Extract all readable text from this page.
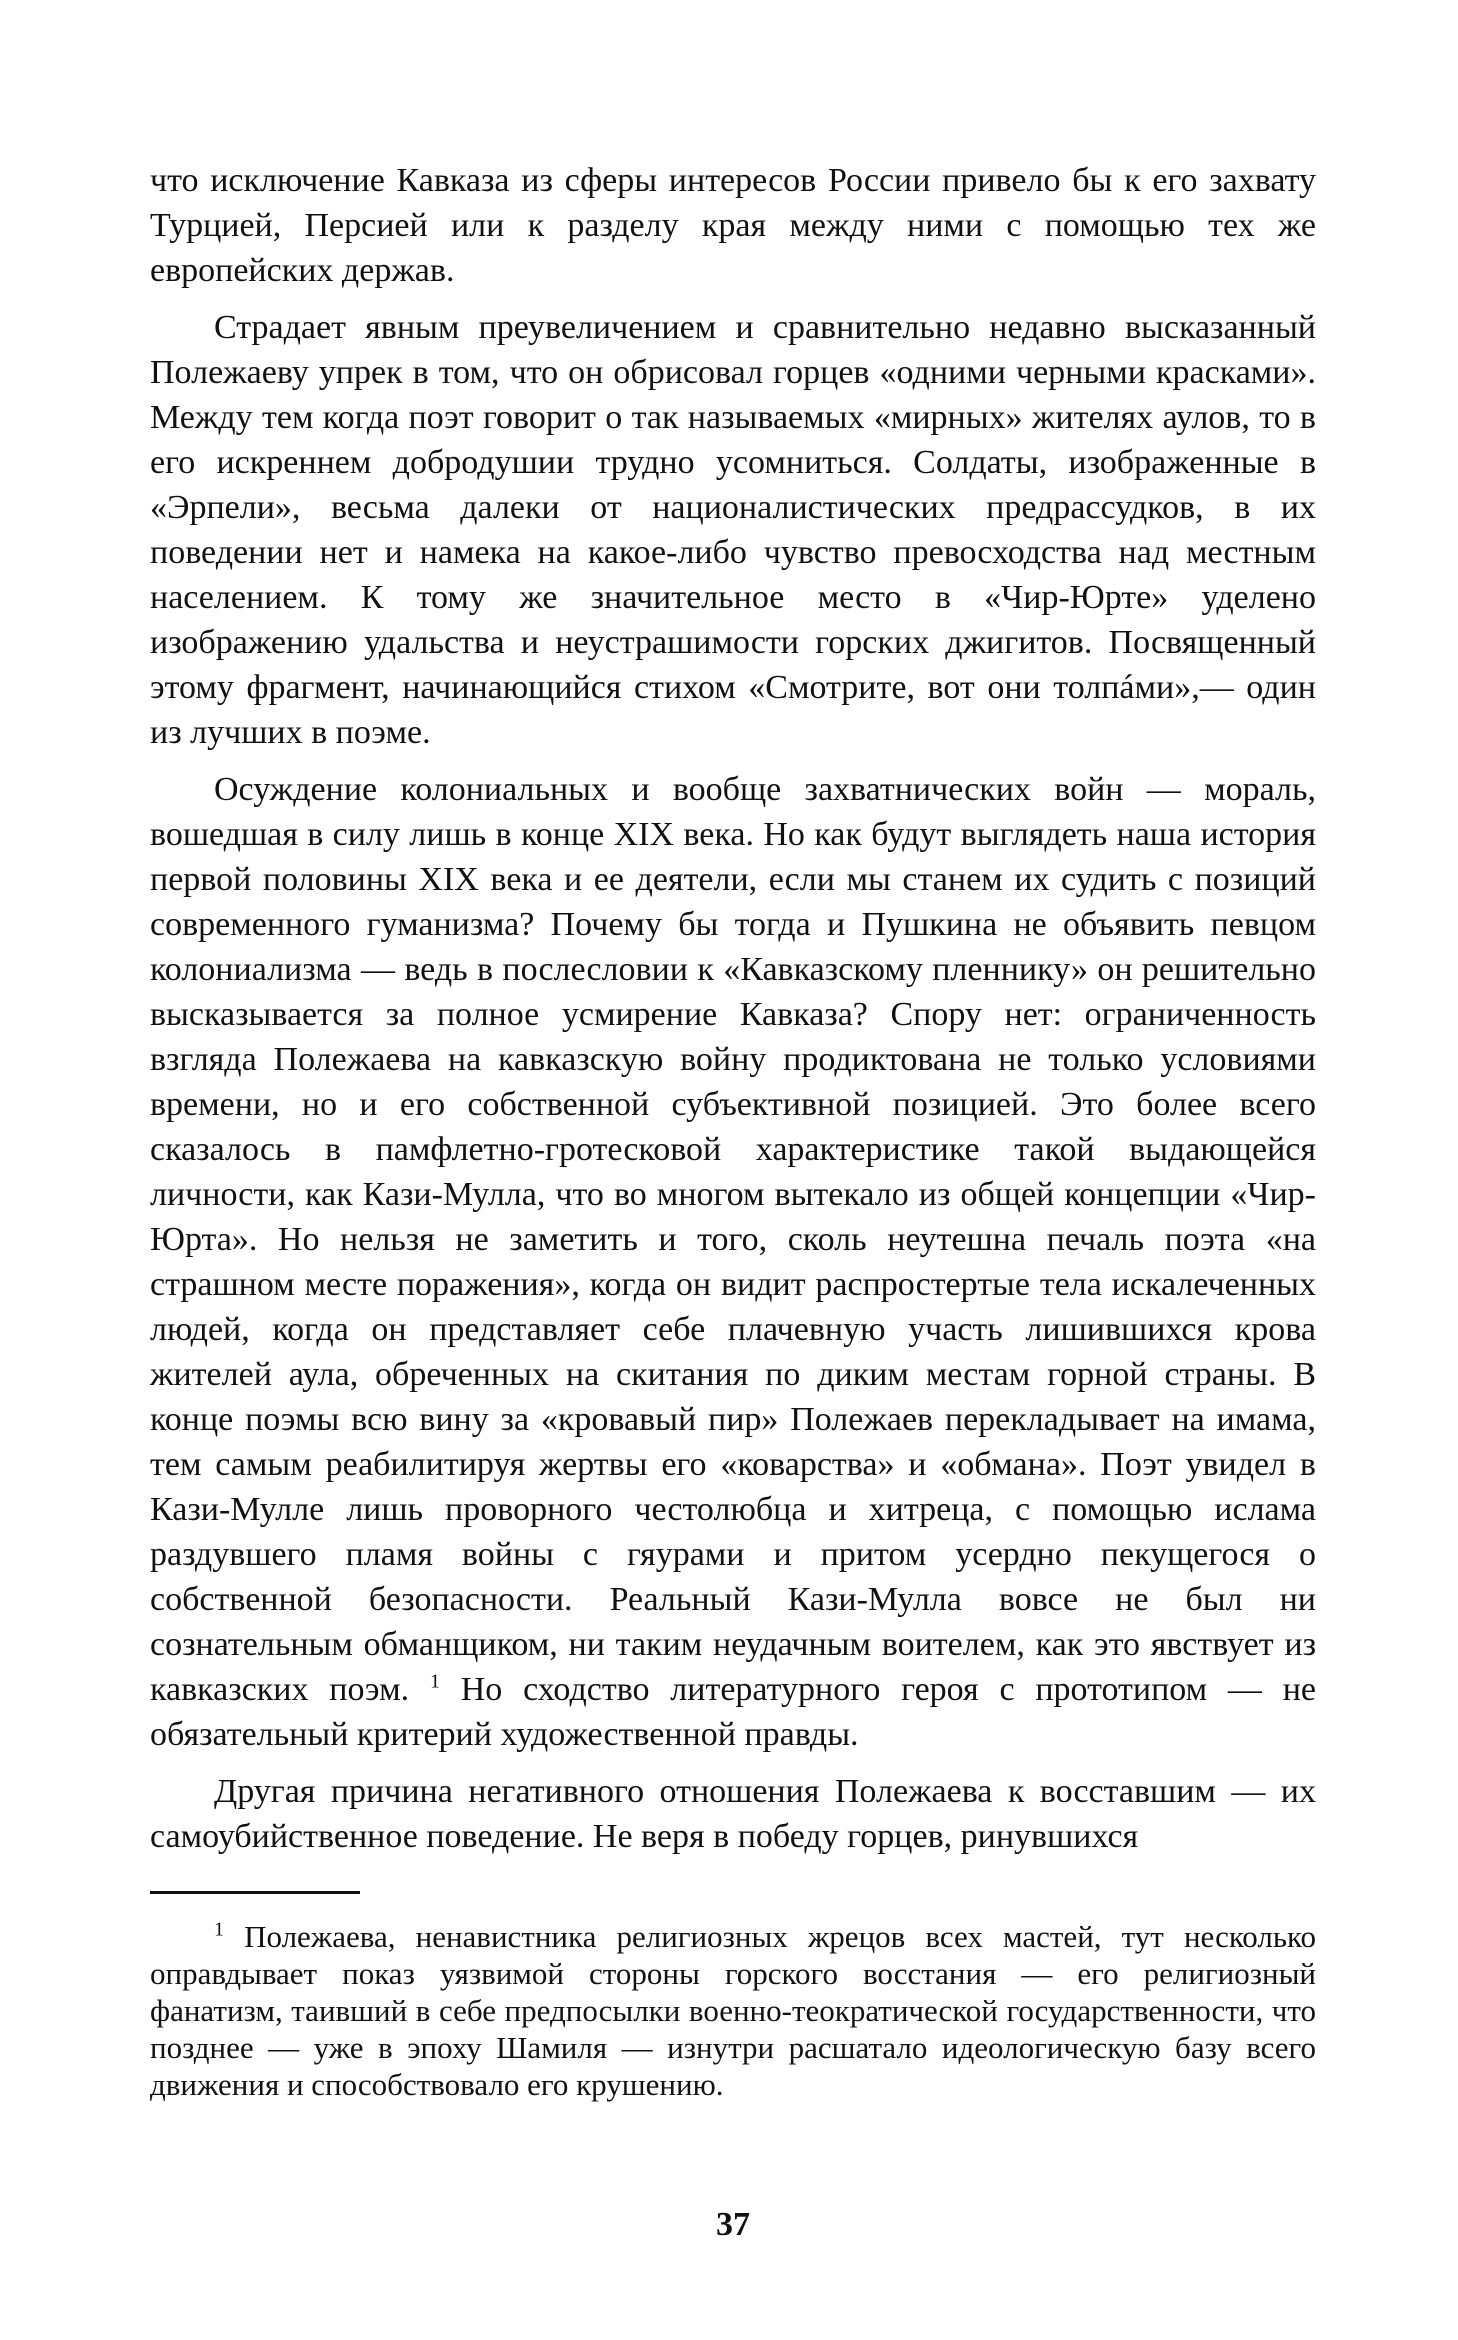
что исключение Кавказа из сферы интересов России привело бы к его захвату Турцией, Персией или к разделу края между ними с помощью тех же европейских держав.

Страдает явным преувеличением и сравнительно недавно высказанный Полежаеву упрек в том, что он обрисовал горцев «одними черными красками». Между тем когда поэт говорит о так называемых «мирных» жителях аулов, то в его искреннем добродушии трудно усомниться. Солдаты, изображенные в «Эрпели», весьма далеки от националистических предрассудков, в их поведении нет и намека на какое-либо чувство превосходства над местным населением. К тому же значительное место в «Чир-Юрте» уделено изображению удальства и неустрашимости горских джигитов. Посвященный этому фрагмент, начинающийся стихом «Смотрите, вот они толпáми»,— один из лучших в поэме.

Осуждение колониальных и вообще захватнических войн — мораль, вошедшая в силу лишь в конце XIX века. Но как будут выглядеть наша история первой половины XIX века и ее деятели, если мы станем их судить с позиций современного гуманизма? Почему бы тогда и Пушкина не объявить певцом колониализма — ведь в послесловии к «Кавказскому пленнику» он решительно высказывается за полное усмирение Кавказа? Спору нет: ограниченность взгляда Полежаева на кавказскую войну продиктована не только условиями времени, но и его собственной субъективной позицией. Это более всего сказалось в памфлетно-гротесковой характеристике такой выдающейся личности, как Кази-Мулла, что во многом вытекало из общей концепции «Чир-Юрта». Но нельзя не заметить и того, сколь неутешна печаль поэта «на страшном месте поражения», когда он видит распростертые тела искалеченных людей, когда он представляет себе плачевную участь лишившихся крова жителей аула, обреченных на скитания по диким местам горной страны. В конце поэмы всю вину за «кровавый пир» Полежаев перекладывает на имама, тем самым реабилитируя жертвы его «коварства» и «обмана». Поэт увидел в Кази-Мулле лишь проворного честолюбца и хитреца, с помощью ислама раздувшего пламя войны с гяурами и притом усердно пекущегося о собственной безопасности. Реальный Кази-Мулла вовсе не был ни сознательным обманщиком, ни таким неудачным воителем, как это явствует из кавказских поэм. $^1$ Но сходство литературного героя с прототипом — не обязательный критерий художественной правды.

Другая причина негативного отношения Полежаева к восставшим — их самоубийственное поведение. Не веря в победу горцев, ринувшихся

$^1$ Полежаева, ненавистника религиозных жрецов всех мастей, тут несколько оправдывает показ уязвимой стороны горского восстания — его религиозный фанатизм, таивший в себе предпосылки военно-теократической государственности, что позднее — уже в эпоху Шамиля — изнутри расшатало идеологическую базу всего движения и способствовало его крушению.

37
